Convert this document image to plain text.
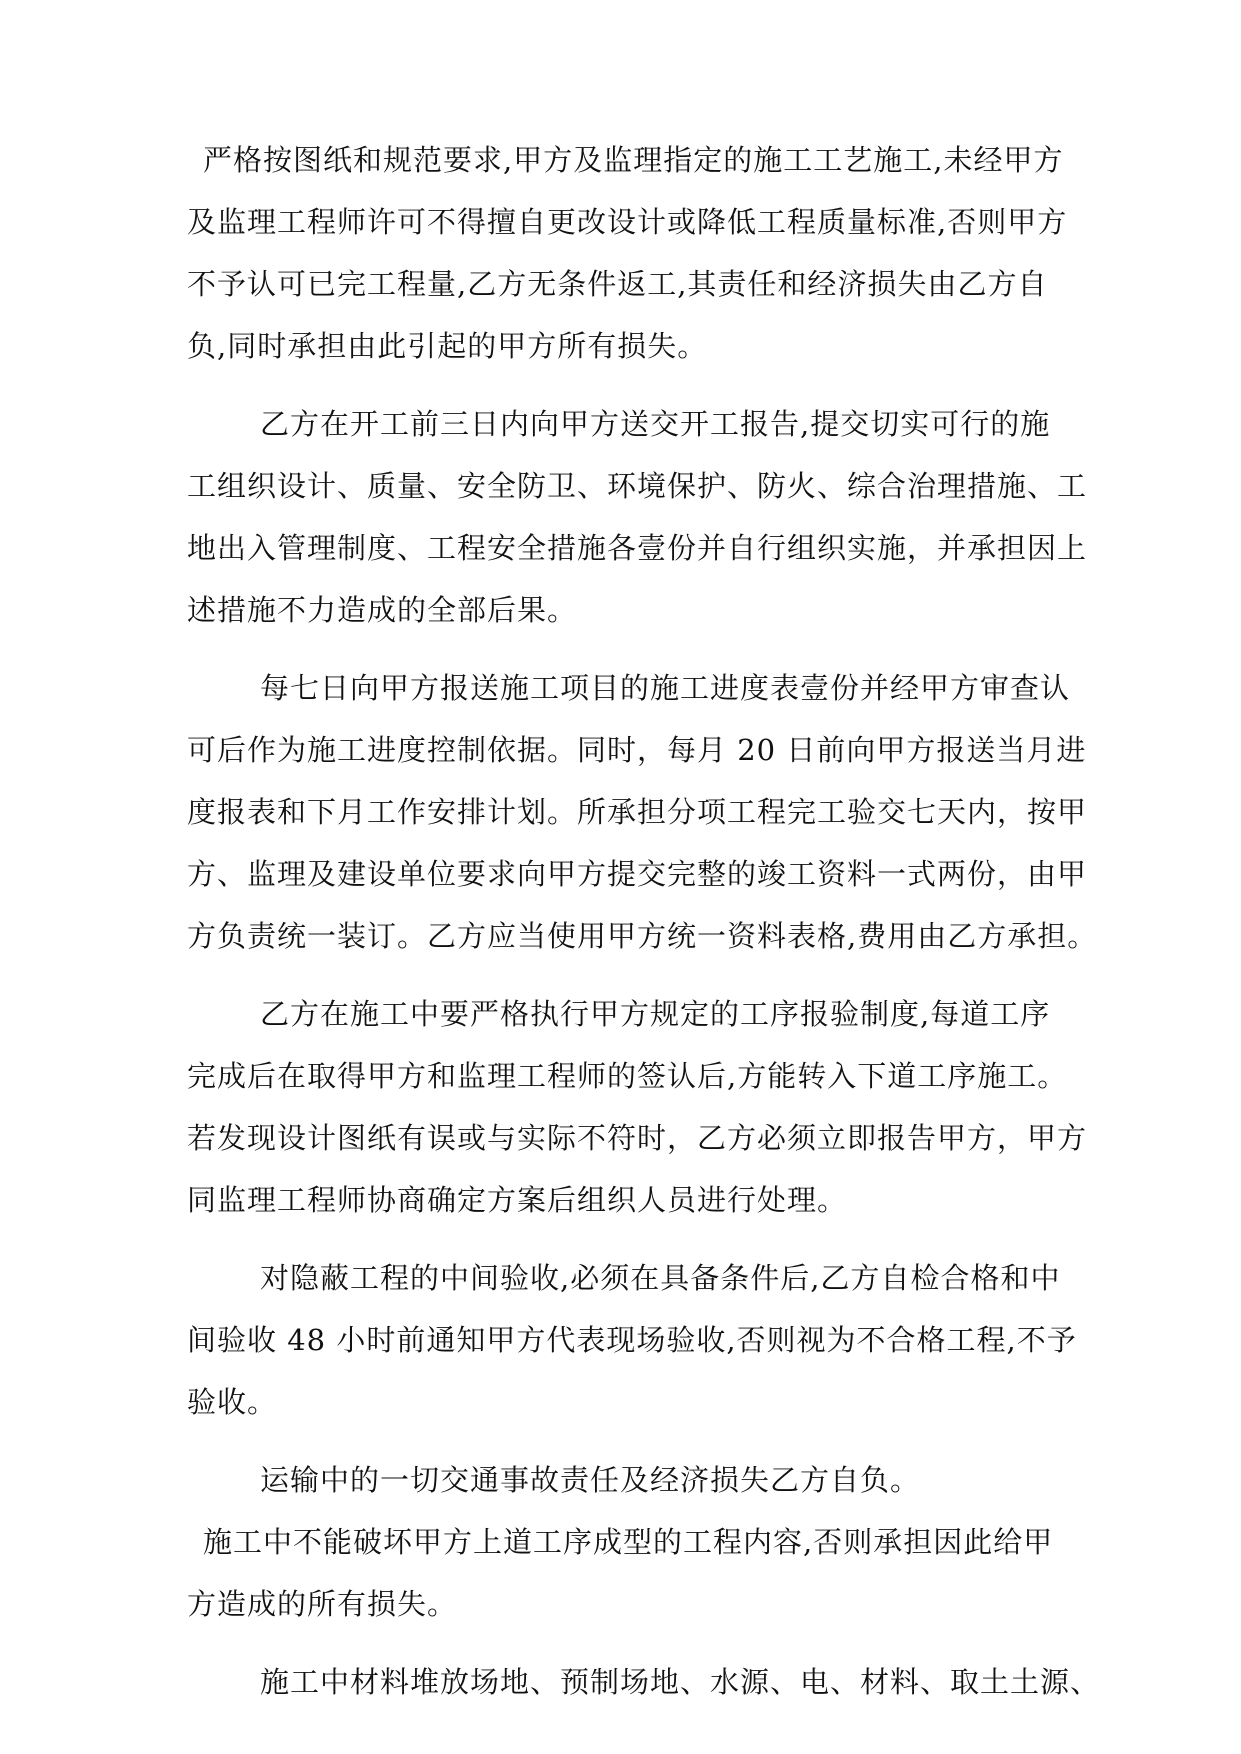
严格按图纸和规范要求,甲方及监理指定的施工工艺施工,未经甲方
及监理工程师许可不得擅自更改设计或降低工程质量标准,否则甲方
不予认可已完工程量,乙方无条件返工,其责任和经济损失由乙方自
负,同时承担由此引起的甲方所有损失。
乙方在开工前三日内向甲方送交开工报告,提交切实可行的施
工组织设计、质量、安全防卫、环境保护、防火、综合治理措施、工
地出入管理制度、工程安全措施各壹份并自行组织实施，并承担因上
述措施不力造成的全部后果。
每七日向甲方报送施工项目的施工进度表壹份并经甲方审查认
可后作为施工进度控制依据。同时，每月 20 日前向甲方报送当月进
度报表和下月工作安排计划。所承担分项工程完工验交七天内，按甲
方、监理及建设单位要求向甲方提交完整的竣工资料一式两份，由甲
方负责统一装订。乙方应当使用甲方统一资料表格,费用由乙方承担。
乙方在施工中要严格执行甲方规定的工序报验制度,每道工序
完成后在取得甲方和监理工程师的签认后,方能转入下道工序施工。
若发现设计图纸有误或与实际不符时，乙方必须立即报告甲方，甲方
同监理工程师协商确定方案后组织人员进行处理。
对隐蔽工程的中间验收,必须在具备条件后,乙方自检合格和中
间验收 48 小时前通知甲方代表现场验收,否则视为不合格工程,不予
验收。
运输中的一切交通事故责任及经济损失乙方自负。
施工中不能破坏甲方上道工序成型的工程内容,否则承担因此给甲
方造成的所有损失。
施工中材料堆放场地、预制场地、水源、电、材料、取土土源、
